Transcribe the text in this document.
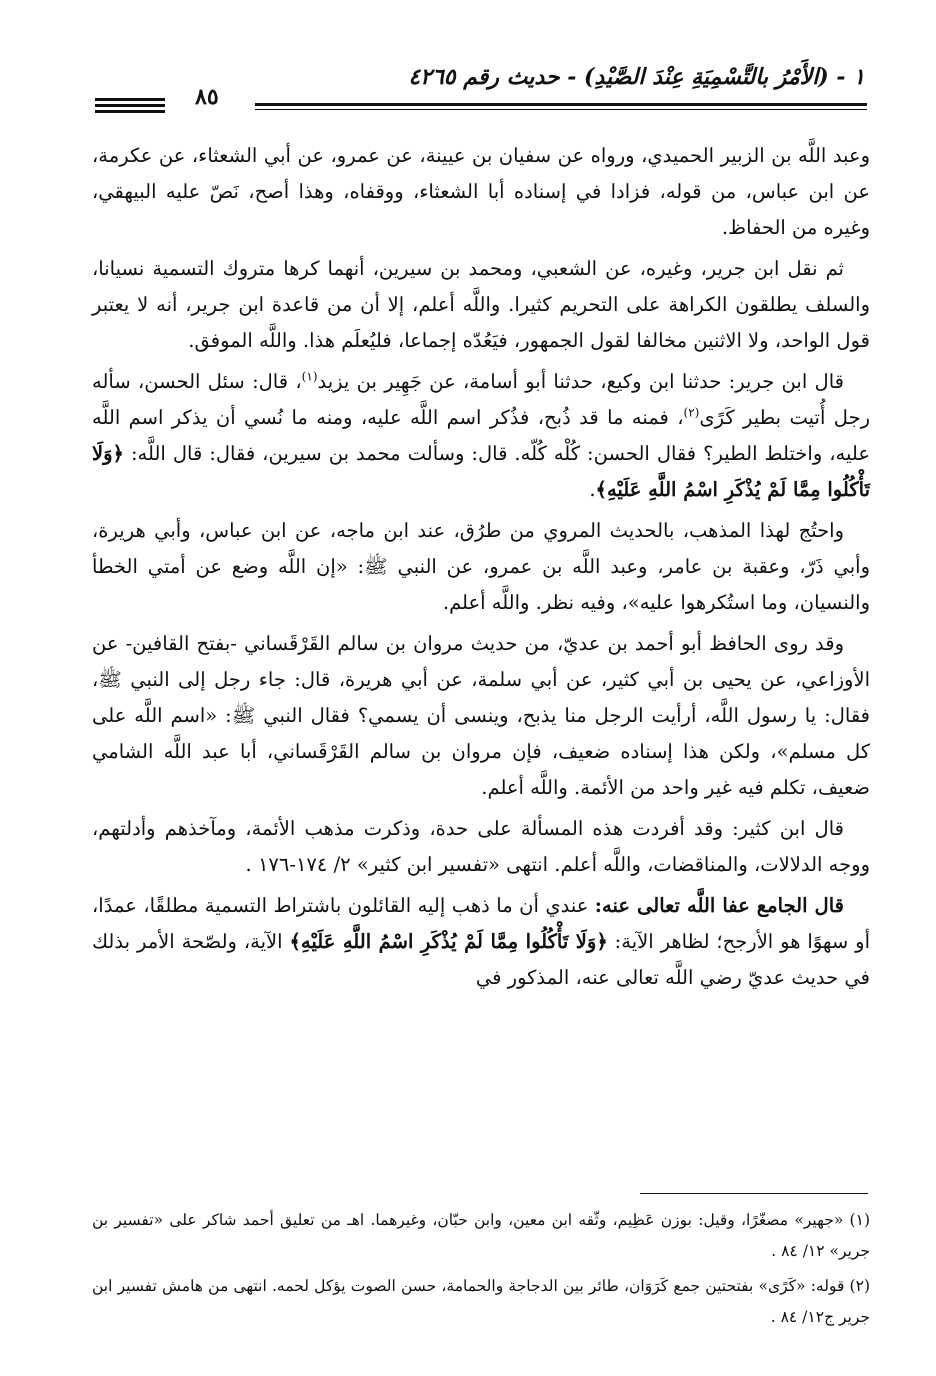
١ - (الأَمْرُ بالتَّسْمِيَةِ عِنْدَ الصَّيْدِ) - حديث رقم ٤٢٦٥
٨٥

وعبد اللَّه بن الزبير الحميدي، ورواه عن سفيان بن عيينة، عن عمرو، عن أبي الشعثاء، عن عكرمة، عن ابن عباس، من قوله، فزادا في إسناده أبا الشعثاء، ووقفاه، وهذا أصح، نَصّ عليه البيهقي، وغيره من الحفاظ.

ثم نقل ابن جرير، وغيره، عن الشعبي، ومحمد بن سيرين، أنهما كرها متروك التسمية نسيانا، والسلف يطلقون الكراهة على التحريم كثيرا. واللَّه أعلم، إلا أن من قاعدة ابن جرير، أنه لا يعتبر قول الواحد، ولا الاثنين مخالفا لقول الجمهور، فيَعُدّه إجماعا، فليُعلَم هذا. واللَّه الموفق.

قال ابن جرير: حدثنا ابن وكيع، حدثنا أبو أسامة، عن جَهِير بن يزيد$^{(١)}$، قال: سئل الحسن، سأله رجل أُتيت بطير كَرًى$^{(٢)}$، فمنه ما قد ذُبح، فذُكر اسم اللَّه عليه، ومنه ما نُسي أن يذكر اسم اللَّه عليه، واختلط الطير؟ فقال الحسن: كُلْه كُلّه. قال: وسألت محمد بن سيرين، فقال: قال اللَّه: ﴿وَلَا تَأْكُلُوا مِمَّا لَمْ يُذْكَرِ اسْمُ اللَّهِ عَلَيْهِ﴾.

واحتُج لهذا المذهب، بالحديث المروي من طرُق، عند ابن ماجه، عن ابن عباس، وأبي هريرة، وأبي ذَرّ، وعقبة بن عامر، وعبد اللَّه بن عمرو، عن النبي ﷺ: «إن اللَّه وضع عن أمتي الخطأ والنسيان، وما استُكرهوا عليه»، وفيه نظر. واللَّه أعلم.

وقد روى الحافظ أبو أحمد بن عديّ، من حديث مروان بن سالم القَرْقَساني -بفتح القافين- عن الأوزاعي، عن يحيى بن أبي كثير، عن أبي سلمة، عن أبي هريرة، قال: جاء رجل إلى النبي ﷺ، فقال: يا رسول اللَّه، أرأيت الرجل منا يذبح، وينسى أن يسمي؟ فقال النبي ﷺ: «اسم اللَّه على كل مسلم»، ولكن هذا إسناده ضعيف، فإن مروان بن سالم القَرْقَساني، أبا عبد اللَّه الشامي ضعيف، تكلم فيه غير واحد من الأئمة. واللَّه أعلم.

قال ابن كثير: وقد أفردت هذه المسألة على حدة، وذكرت مذهب الأئمة، ومآخذهم وأدلتهم، ووجه الدلالات، والمناقضات، واللَّه أعلم. انتهى «تفسير ابن كثير» ٢/ ١٧٤-١٧٦ .

قال الجامع عفا اللَّه تعالى عنه: عندي أن ما ذهب إليه القائلون باشتراط التسمية مطلقًا، عمدًا، أو سهوًا هو الأرجح؛ لظاهر الآية: ﴿وَلَا تَأْكُلُوا مِمَّا لَمْ يُذْكَرِ اسْمُ اللَّهِ عَلَيْهِ﴾ الآية، ولصّحة الأمر بذلك في حديث عديّ رضي اللَّه تعالى عنه، المذكور في

(١) «جهير» مصغّرًا، وقيل: بوزن عَظِيم، وثّقه ابن معين، وابن حبّان، وغيرهما. اهـ من تعليق أحمد شاكر على «تفسير بن جرير» ١٢/ ٨٤ .

(٢) قوله: «كَرًى» بفتحتين جمع كَرَوَان، طائر بين الدجاجة والحمامة، حسن الصوت يؤكل لحمه. انتهى من هامش تفسير ابن جرير ج١٢/ ٨٤ .
